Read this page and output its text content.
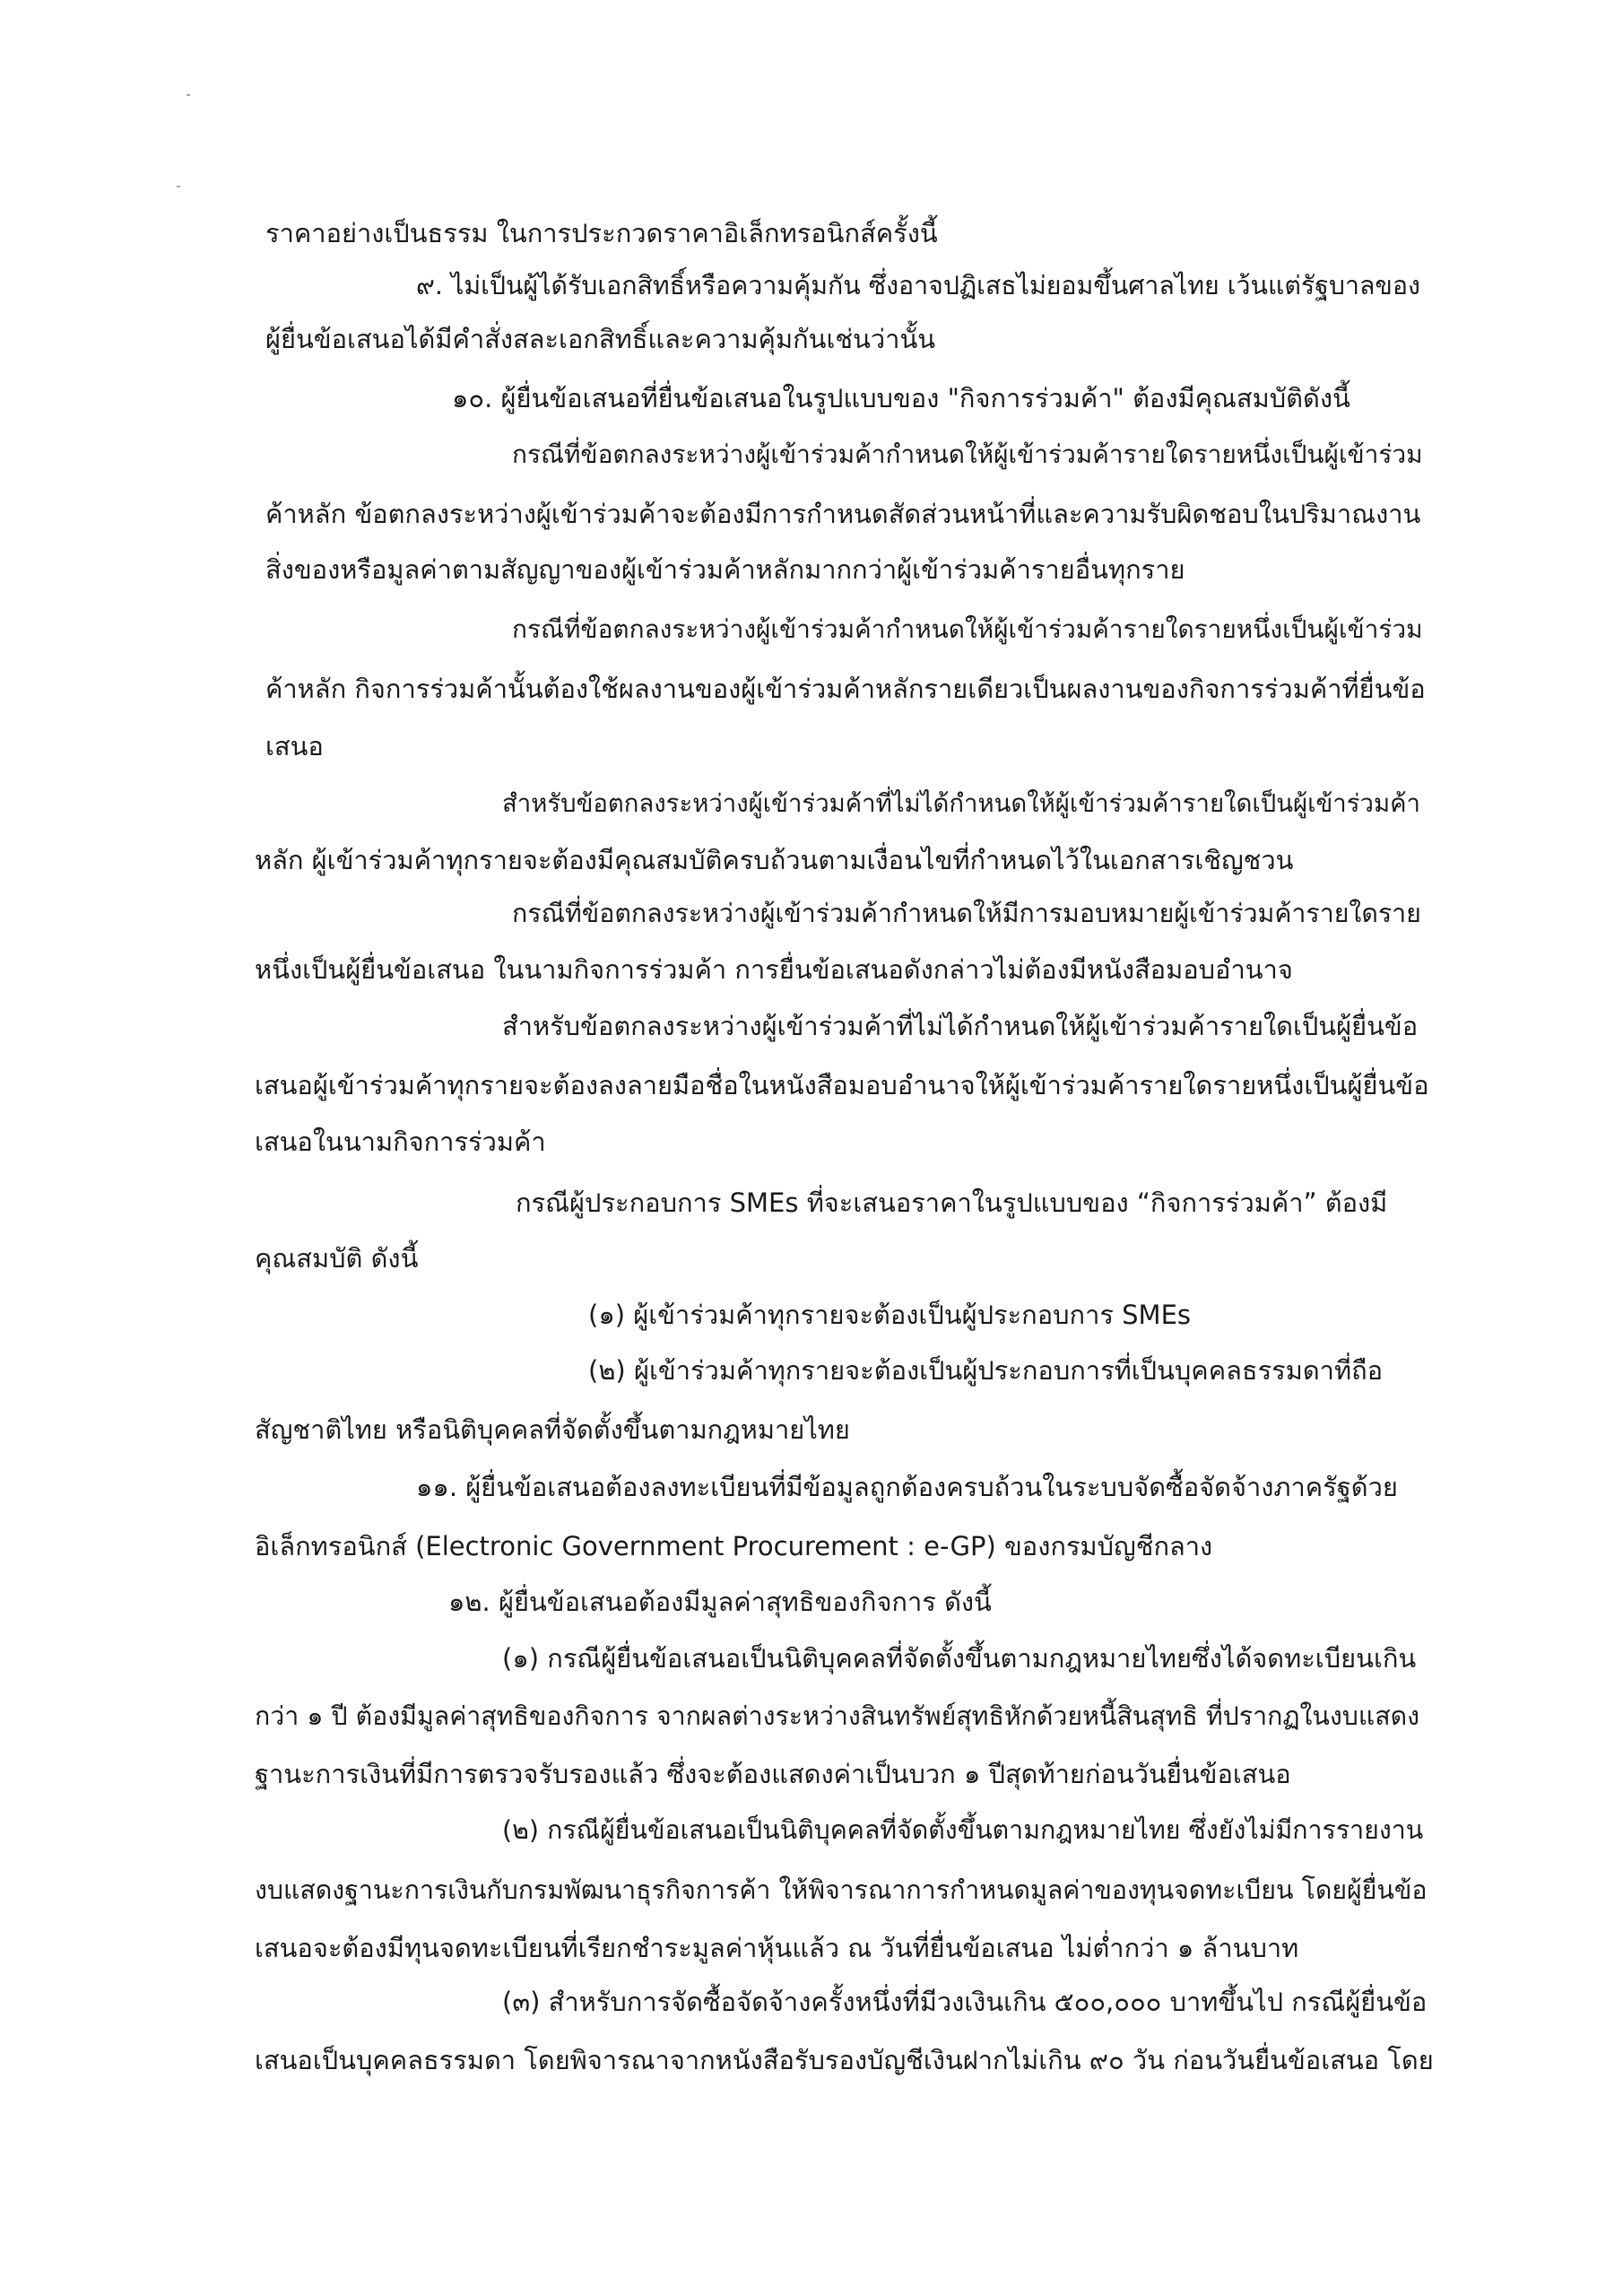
ราคาอย่างเป็นธรรม ในการประกวดราคาอิเล็กทรอนิกส์ครั้งนี้
๙. ไม่เป็นผู้ได้รับเอกสิทธิ์หรือความคุ้มกัน ซึ่งอาจปฏิเสธไม่ยอมขึ้นศาลไทย เว้นแต่รัฐบาลของ
ผู้ยื่นข้อเสนอได้มีคำสั่งสละเอกสิทธิ์และความคุ้มกันเช่นว่านั้น
๑๐. ผู้ยื่นข้อเสนอที่ยื่นข้อเสนอในรูปแบบของ "กิจการร่วมค้า" ต้องมีคุณสมบัติดังนี้
กรณีที่ข้อตกลงระหว่างผู้เข้าร่วมค้ากำหนดให้ผู้เข้าร่วมค้ารายใดรายหนึ่งเป็นผู้เข้าร่วม
ค้าหลัก ข้อตกลงระหว่างผู้เข้าร่วมค้าจะต้องมีการกำหนดสัดส่วนหน้าที่และความรับผิดชอบในปริมาณงาน
สิ่งของหรือมูลค่าตามสัญญาของผู้เข้าร่วมค้าหลักมากกว่าผู้เข้าร่วมค้ารายอื่นทุกราย
กรณีที่ข้อตกลงระหว่างผู้เข้าร่วมค้ากำหนดให้ผู้เข้าร่วมค้ารายใดรายหนึ่งเป็นผู้เข้าร่วม
ค้าหลัก กิจการร่วมค้านั้นต้องใช้ผลงานของผู้เข้าร่วมค้าหลักรายเดียวเป็นผลงานของกิจการร่วมค้าที่ยื่นข้อ
เสนอ
สำหรับข้อตกลงระหว่างผู้เข้าร่วมค้าที่ไม่ได้กำหนดให้ผู้เข้าร่วมค้ารายใดเป็นผู้เข้าร่วมค้า
หลัก ผู้เข้าร่วมค้าทุกรายจะต้องมีคุณสมบัติครบถ้วนตามเงื่อนไขที่กำหนดไว้ในเอกสารเชิญชวน
กรณีที่ข้อตกลงระหว่างผู้เข้าร่วมค้ากำหนดให้มีการมอบหมายผู้เข้าร่วมค้ารายใดราย
หนึ่งเป็นผู้ยื่นข้อเสนอ ในนามกิจการร่วมค้า การยื่นข้อเสนอดังกล่าวไม่ต้องมีหนังสือมอบอำนาจ
สำหรับข้อตกลงระหว่างผู้เข้าร่วมค้าที่ไม่ได้กำหนดให้ผู้เข้าร่วมค้ารายใดเป็นผู้ยื่นข้อ
เสนอผู้เข้าร่วมค้าทุกรายจะต้องลงลายมือชื่อในหนังสือมอบอำนาจให้ผู้เข้าร่วมค้ารายใดรายหนึ่งเป็นผู้ยื่นข้อ
เสนอในนามกิจการร่วมค้า
กรณีผู้ประกอบการ SMEs ที่จะเสนอราคาในรูปแบบของ “กิจการร่วมค้า” ต้องมี
คุณสมบัติ ดังนี้
(๑) ผู้เข้าร่วมค้าทุกรายจะต้องเป็นผู้ประกอบการ SMEs
(๒) ผู้เข้าร่วมค้าทุกรายจะต้องเป็นผู้ประกอบการที่เป็นบุคคลธรรมดาที่ถือ
สัญชาติไทย หรือนิติบุคคลที่จัดตั้งขึ้นตามกฎหมายไทย
๑๑. ผู้ยื่นข้อเสนอต้องลงทะเบียนที่มีข้อมูลถูกต้องครบถ้วนในระบบจัดซื้อจัดจ้างภาครัฐด้วย
อิเล็กทรอนิกส์ (Electronic Government Procurement : e-GP) ของกรมบัญชีกลาง
๑๒. ผู้ยื่นข้อเสนอต้องมีมูลค่าสุทธิของกิจการ ดังนี้
(๑) กรณีผู้ยื่นข้อเสนอเป็นนิติบุคคลที่จัดตั้งขึ้นตามกฎหมายไทยซึ่งได้จดทะเบียนเกิน
กว่า ๑ ปี ต้องมีมูลค่าสุทธิของกิจการ จากผลต่างระหว่างสินทรัพย์สุทธิหักด้วยหนี้สินสุทธิ ที่ปรากฏในงบแสดง
ฐานะการเงินที่มีการตรวจรับรองแล้ว ซึ่งจะต้องแสดงค่าเป็นบวก ๑ ปีสุดท้ายก่อนวันยื่นข้อเสนอ
(๒) กรณีผู้ยื่นข้อเสนอเป็นนิติบุคคลที่จัดตั้งขึ้นตามกฎหมายไทย ซึ่งยังไม่มีการรายงาน
งบแสดงฐานะการเงินกับกรมพัฒนาธุรกิจการค้า ให้พิจารณาการกำหนดมูลค่าของทุนจดทะเบียน โดยผู้ยื่นข้อ
เสนอจะต้องมีทุนจดทะเบียนที่เรียกชำระมูลค่าหุ้นแล้ว ณ วันที่ยื่นข้อเสนอ ไม่ต่ำกว่า ๑ ล้านบาท
(๓) สำหรับการจัดซื้อจัดจ้างครั้งหนึ่งที่มีวงเงินเกิน ๕๐๐,๐๐๐ บาทขึ้นไป กรณีผู้ยื่นข้อ
เสนอเป็นบุคคลธรรมดา โดยพิจารณาจากหนังสือรับรองบัญชีเงินฝากไม่เกิน ๙๐ วัน ก่อนวันยื่นข้อเสนอ โดย
